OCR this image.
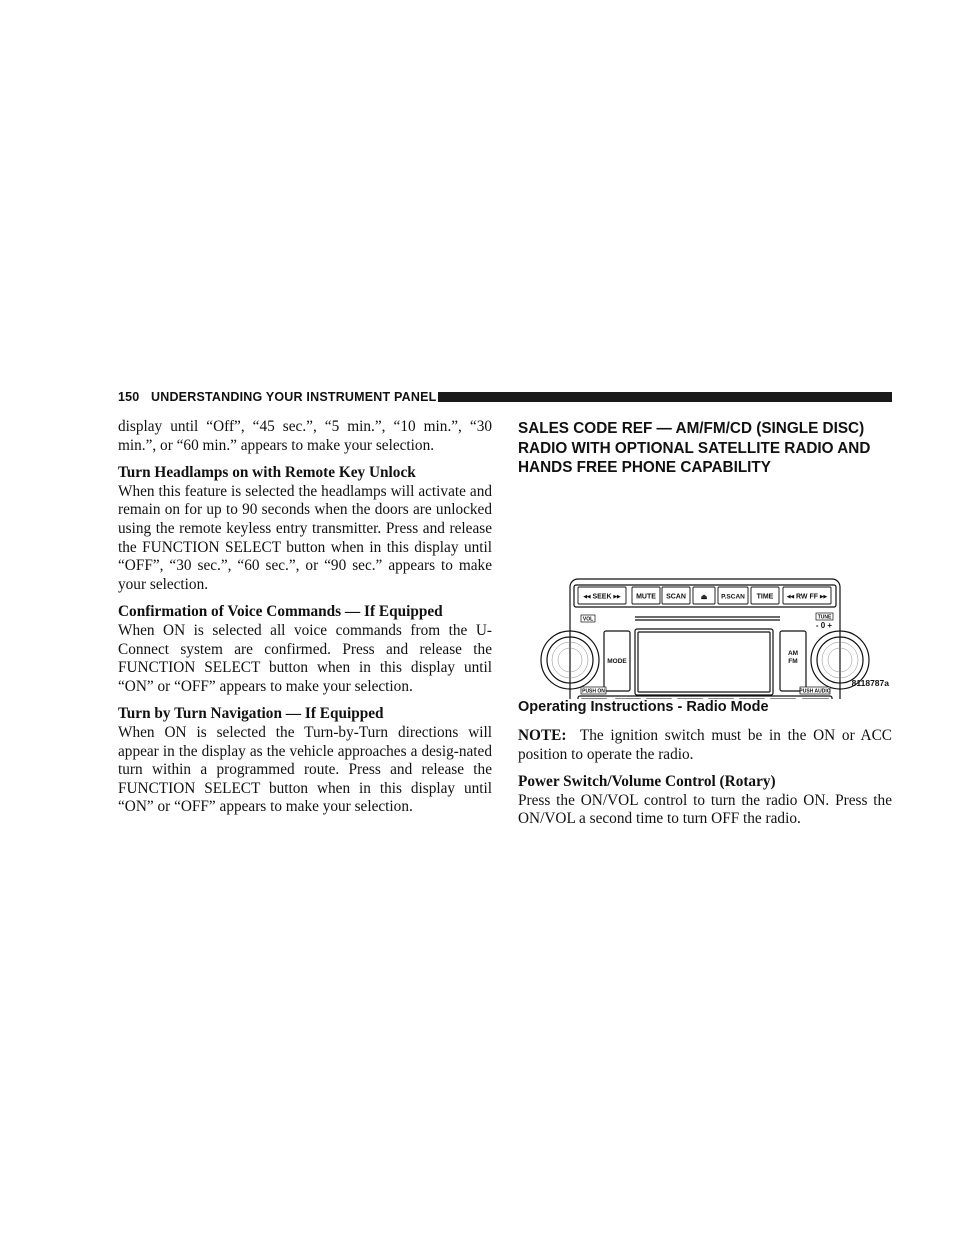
150 UNDERSTANDING YOUR INSTRUMENT PANEL

display until “Off”, “45 sec.”, “5 min.”, “10 min.”, “30 min.”, or “60 min.” appears to make your selection.

Turn Headlamps on with Remote Key Unlock

When this feature is selected the headlamps will activate and remain on for up to 90 seconds when the doors are unlocked using the remote keyless entry transmitter. Press and release the FUNCTION SELECT button when in this display until “OFF”, “30 sec.”, “60 sec.”, or “90 sec.” appears to make your selection.

Confirmation of Voice Commands — If Equipped

When ON is selected all voice commands from the U-Connect system are confirmed. Press and release the FUNCTION SELECT button when in this display until “ON” or “OFF” appears to make your selection.

Turn by Turn Navigation — If Equipped

When ON is selected the Turn-by-Turn directions will appear in the display as the vehicle approaches a desig-nated turn within a programmed route. Press and release the FUNCTION SELECT button when in this display until “ON” or “OFF” appears to make your selection.

SALES CODE REF — AM/FM/CD (SINGLE DISC) RADIO WITH OPTIONAL SATELLITE RADIO AND HANDS FREE PHONE CAPABILITY

◂◂ SEEK ▸▸ MUTE SCAN ⏏ P.SCAN TIME ◂◂ RW FF ▸▸
VOL	TUNE
PUSH ON	PUSH AUDIO
- 0 +
MODE
AM
FM
8118787a

Operating Instructions - Radio Mode

NOTE: The ignition switch must be in the ON or ACC position to operate the radio.

Power Switch/Volume Control (Rotary)

Press the ON/VOL control to turn the radio ON. Press the ON/VOL a second time to turn OFF the radio.
